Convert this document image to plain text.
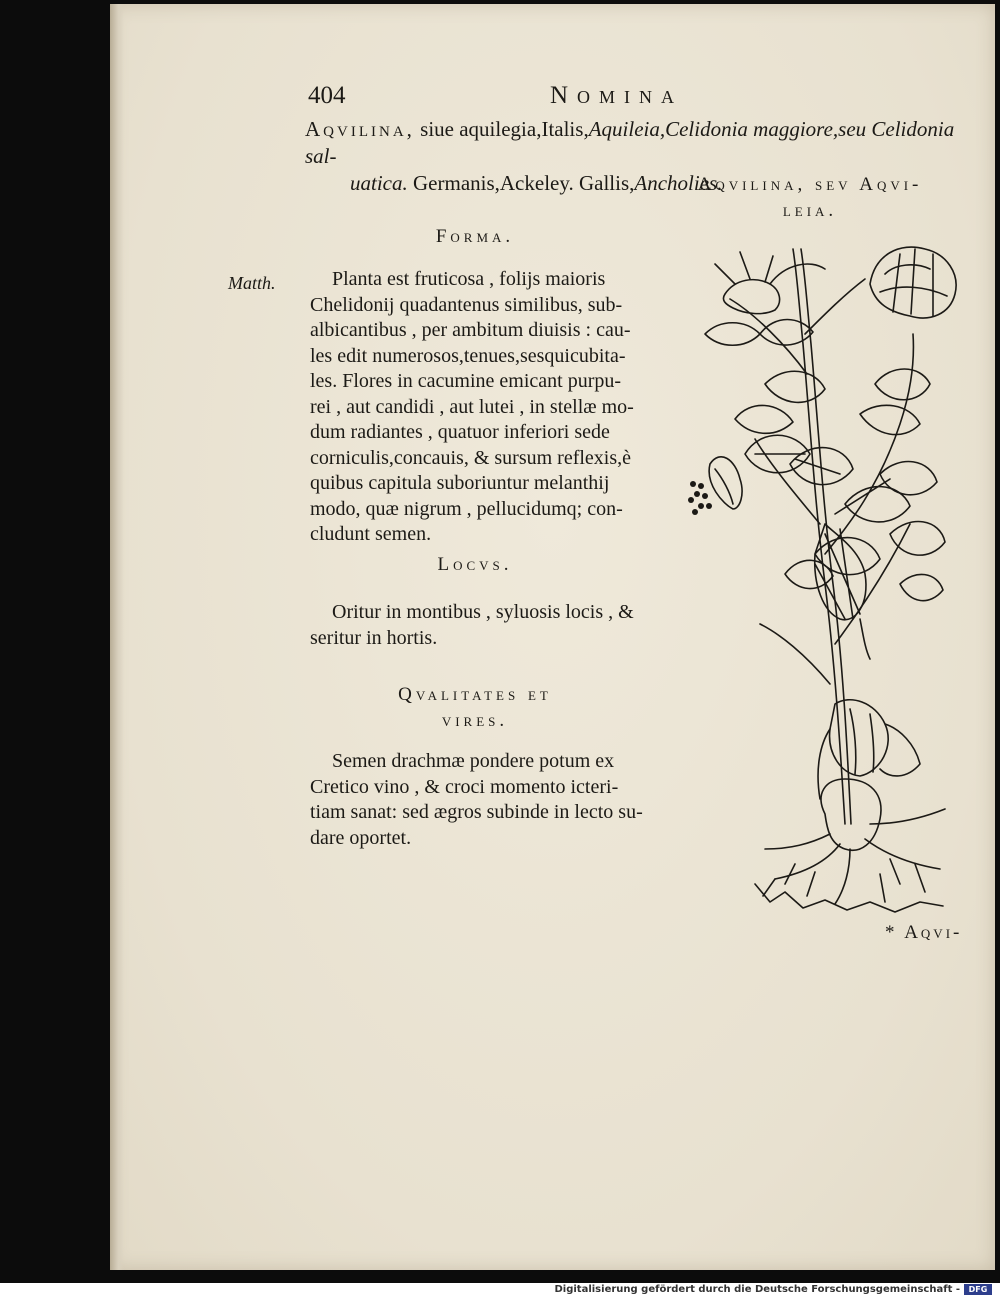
404	Nomina

Aqvilina, siue aquilegia,Italis,Aquileia,Celidonia maggiore,seu Celidonia sal-
uatica. Germanis,Ackeley. Gallis,Ancholies.
Aqvilina, sev Aqvi-
leia.

Forma.

Matth.	Planta est fruticosa , folijs maioris
Chelidonij quadantenus similibus, sub-
albicantibus , per ambitum diuisis : cau-
les edit numerosos,tenues,sesquicubita-
les. Flores in cacumine emicant purpu-
rei , aut candidi , aut lutei , in stellæ mo-
dum radiantes , quatuor inferiori sede
corniculis,concauis, & sursum reflexis,è
quibus capitula suboriuntur melanthij
modo, quæ nigrum , pellucidumq; con-
cludunt semen.

Locvs.

Oritur in montibus , syluosis locis , &
seritur in hortis.
Qvalitates et
vires.
Semen drachmæ pondere potum ex
Cretico vino , & croci momento icteri-
tiam sanat: sed ægros subinde in lecto su-
dare oportet.

* Aqvi-

Digitalisierung gefördert durch die Deutsche Forschungsgemeinschaft -	DFG
